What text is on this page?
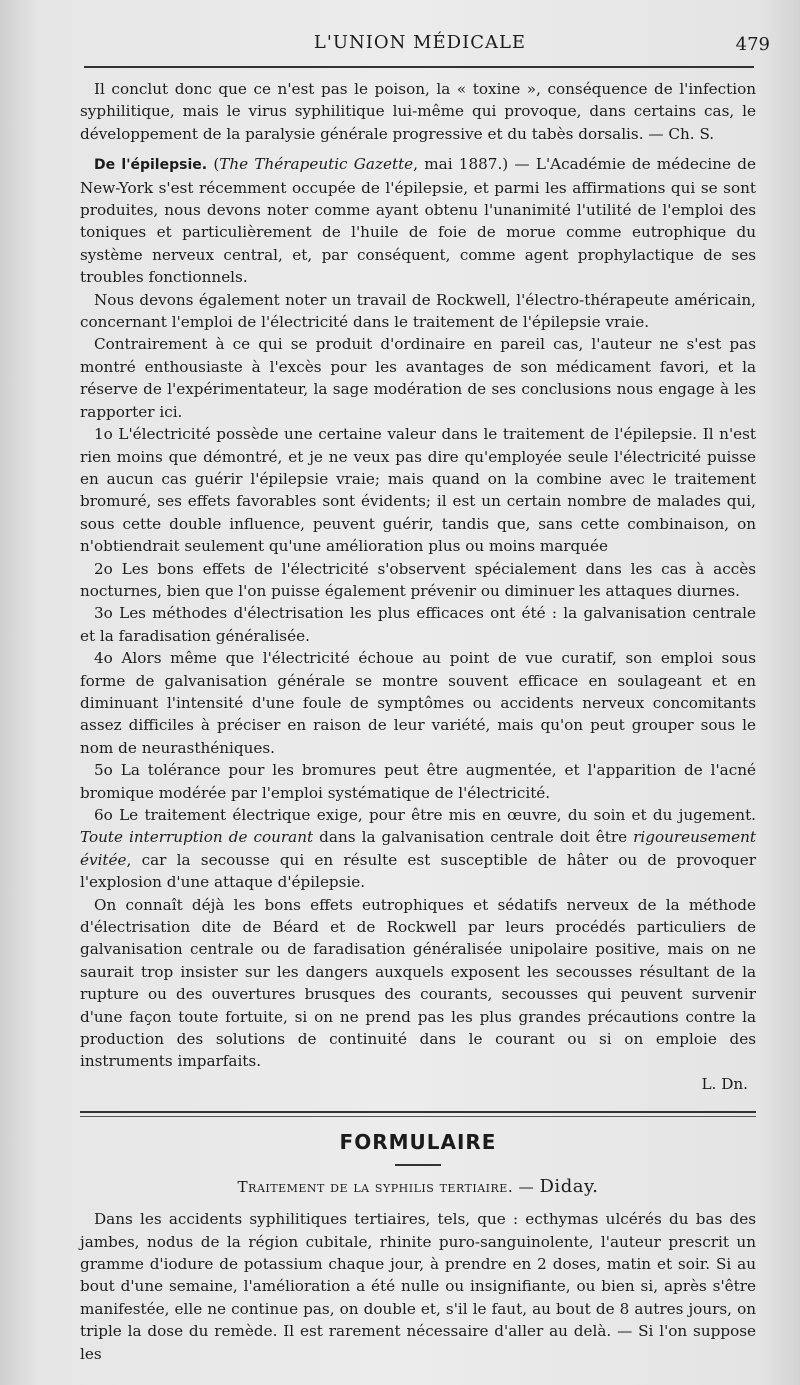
L'UNION MÉDICALE	479

Il conclut donc que ce n'est pas le poison, la « toxine », conséquence de l'infection syphilitique, mais le virus syphilitique lui-même qui provoque, dans certains cas, le développement de la paralysie générale progressive et du tabès dorsalis. — Ch. S.

De l'épilepsie. (The Thérapeutic Gazette, mai 1887.) — L'Académie de médecine de New-York s'est récemment occupée de l'épilepsie, et parmi les affirmations qui se sont produites, nous devons noter comme ayant obtenu l'unanimité l'utilité de l'emploi des toniques et particulièrement de l'huile de foie de morue comme eutrophique du système nerveux central, et, par conséquent, comme agent prophylactique de ses troubles fonctionnels.

Nous devons également noter un travail de Rockwell, l'électro-thérapeute américain, concernant l'emploi de l'électricité dans le traitement de l'épilepsie vraie.

Contrairement à ce qui se produit d'ordinaire en pareil cas, l'auteur ne s'est pas montré enthousiaste à l'excès pour les avantages de son médicament favori, et la réserve de l'expérimentateur, la sage modération de ses conclusions nous engage à les rapporter ici.

1o L'électricité possède une certaine valeur dans le traitement de l'épilepsie. Il n'est rien moins que démontré, et je ne veux pas dire qu'employée seule l'électricité puisse en aucun cas guérir l'épilepsie vraie; mais quand on la combine avec le traitement bromuré, ses effets favorables sont évidents; il est un certain nombre de malades qui, sous cette double influence, peuvent guérir, tandis que, sans cette combinaison, on n'obtiendrait seulement qu'une amélioration plus ou moins marquée

2o Les bons effets de l'électricité s'observent spécialement dans les cas à accès nocturnes, bien que l'on puisse également prévenir ou diminuer les attaques diurnes.

3o Les méthodes d'électrisation les plus efficaces ont été : la galvanisation centrale et la faradisation généralisée.

4o Alors même que l'électricité échoue au point de vue curatif, son emploi sous forme de galvanisation générale se montre souvent efficace en soulageant et en diminuant l'intensité d'une foule de symptômes ou accidents nerveux concomitants assez difficiles à préciser en raison de leur variété, mais qu'on peut grouper sous le nom de neurasthéniques.

5o La tolérance pour les bromures peut être augmentée, et l'apparition de l'acné bromique modérée par l'emploi systématique de l'électricité.

6o Le traitement électrique exige, pour être mis en œuvre, du soin et du jugement. Toute interruption de courant dans la galvanisation centrale doit être rigoureusement évitée, car la secousse qui en résulte est susceptible de hâter ou de provoquer l'explosion d'une attaque d'épilepsie.

On connaît déjà les bons effets eutrophiques et sédatifs nerveux de la méthode d'électrisation dite de Béard et de Rockwell par leurs procédés particuliers de galvanisation centrale ou de faradisation généralisée unipolaire positive, mais on ne saurait trop insister sur les dangers auxquels exposent les secousses résultant de la rupture ou des ouvertures brusques des courants, secousses qui peuvent survenir d'une façon toute fortuite, si on ne prend pas les plus grandes précautions contre la production des solutions de continuité dans le courant ou si on emploie des instruments imparfaits.

L. Dn.

FORMULAIRE
Traitement de la syphilis tertiaire. — Diday.

Dans les accidents syphilitiques tertiaires, tels, que : ecthymas ulcérés du bas des jambes, nodus de la région cubitale, rhinite puro-sanguinolente, l'auteur prescrit un gramme d'iodure de potassium chaque jour, à prendre en 2 doses, matin et soir. Si au bout d'une semaine, l'amélioration a été nulle ou insignifiante, ou bien si, après s'être manifestée, elle ne continue pas, on double et, s'il le faut, au bout de 8 autres jours, on triple la dose du remède. Il est rarement nécessaire d'aller au delà. — Si l'on suppose les
